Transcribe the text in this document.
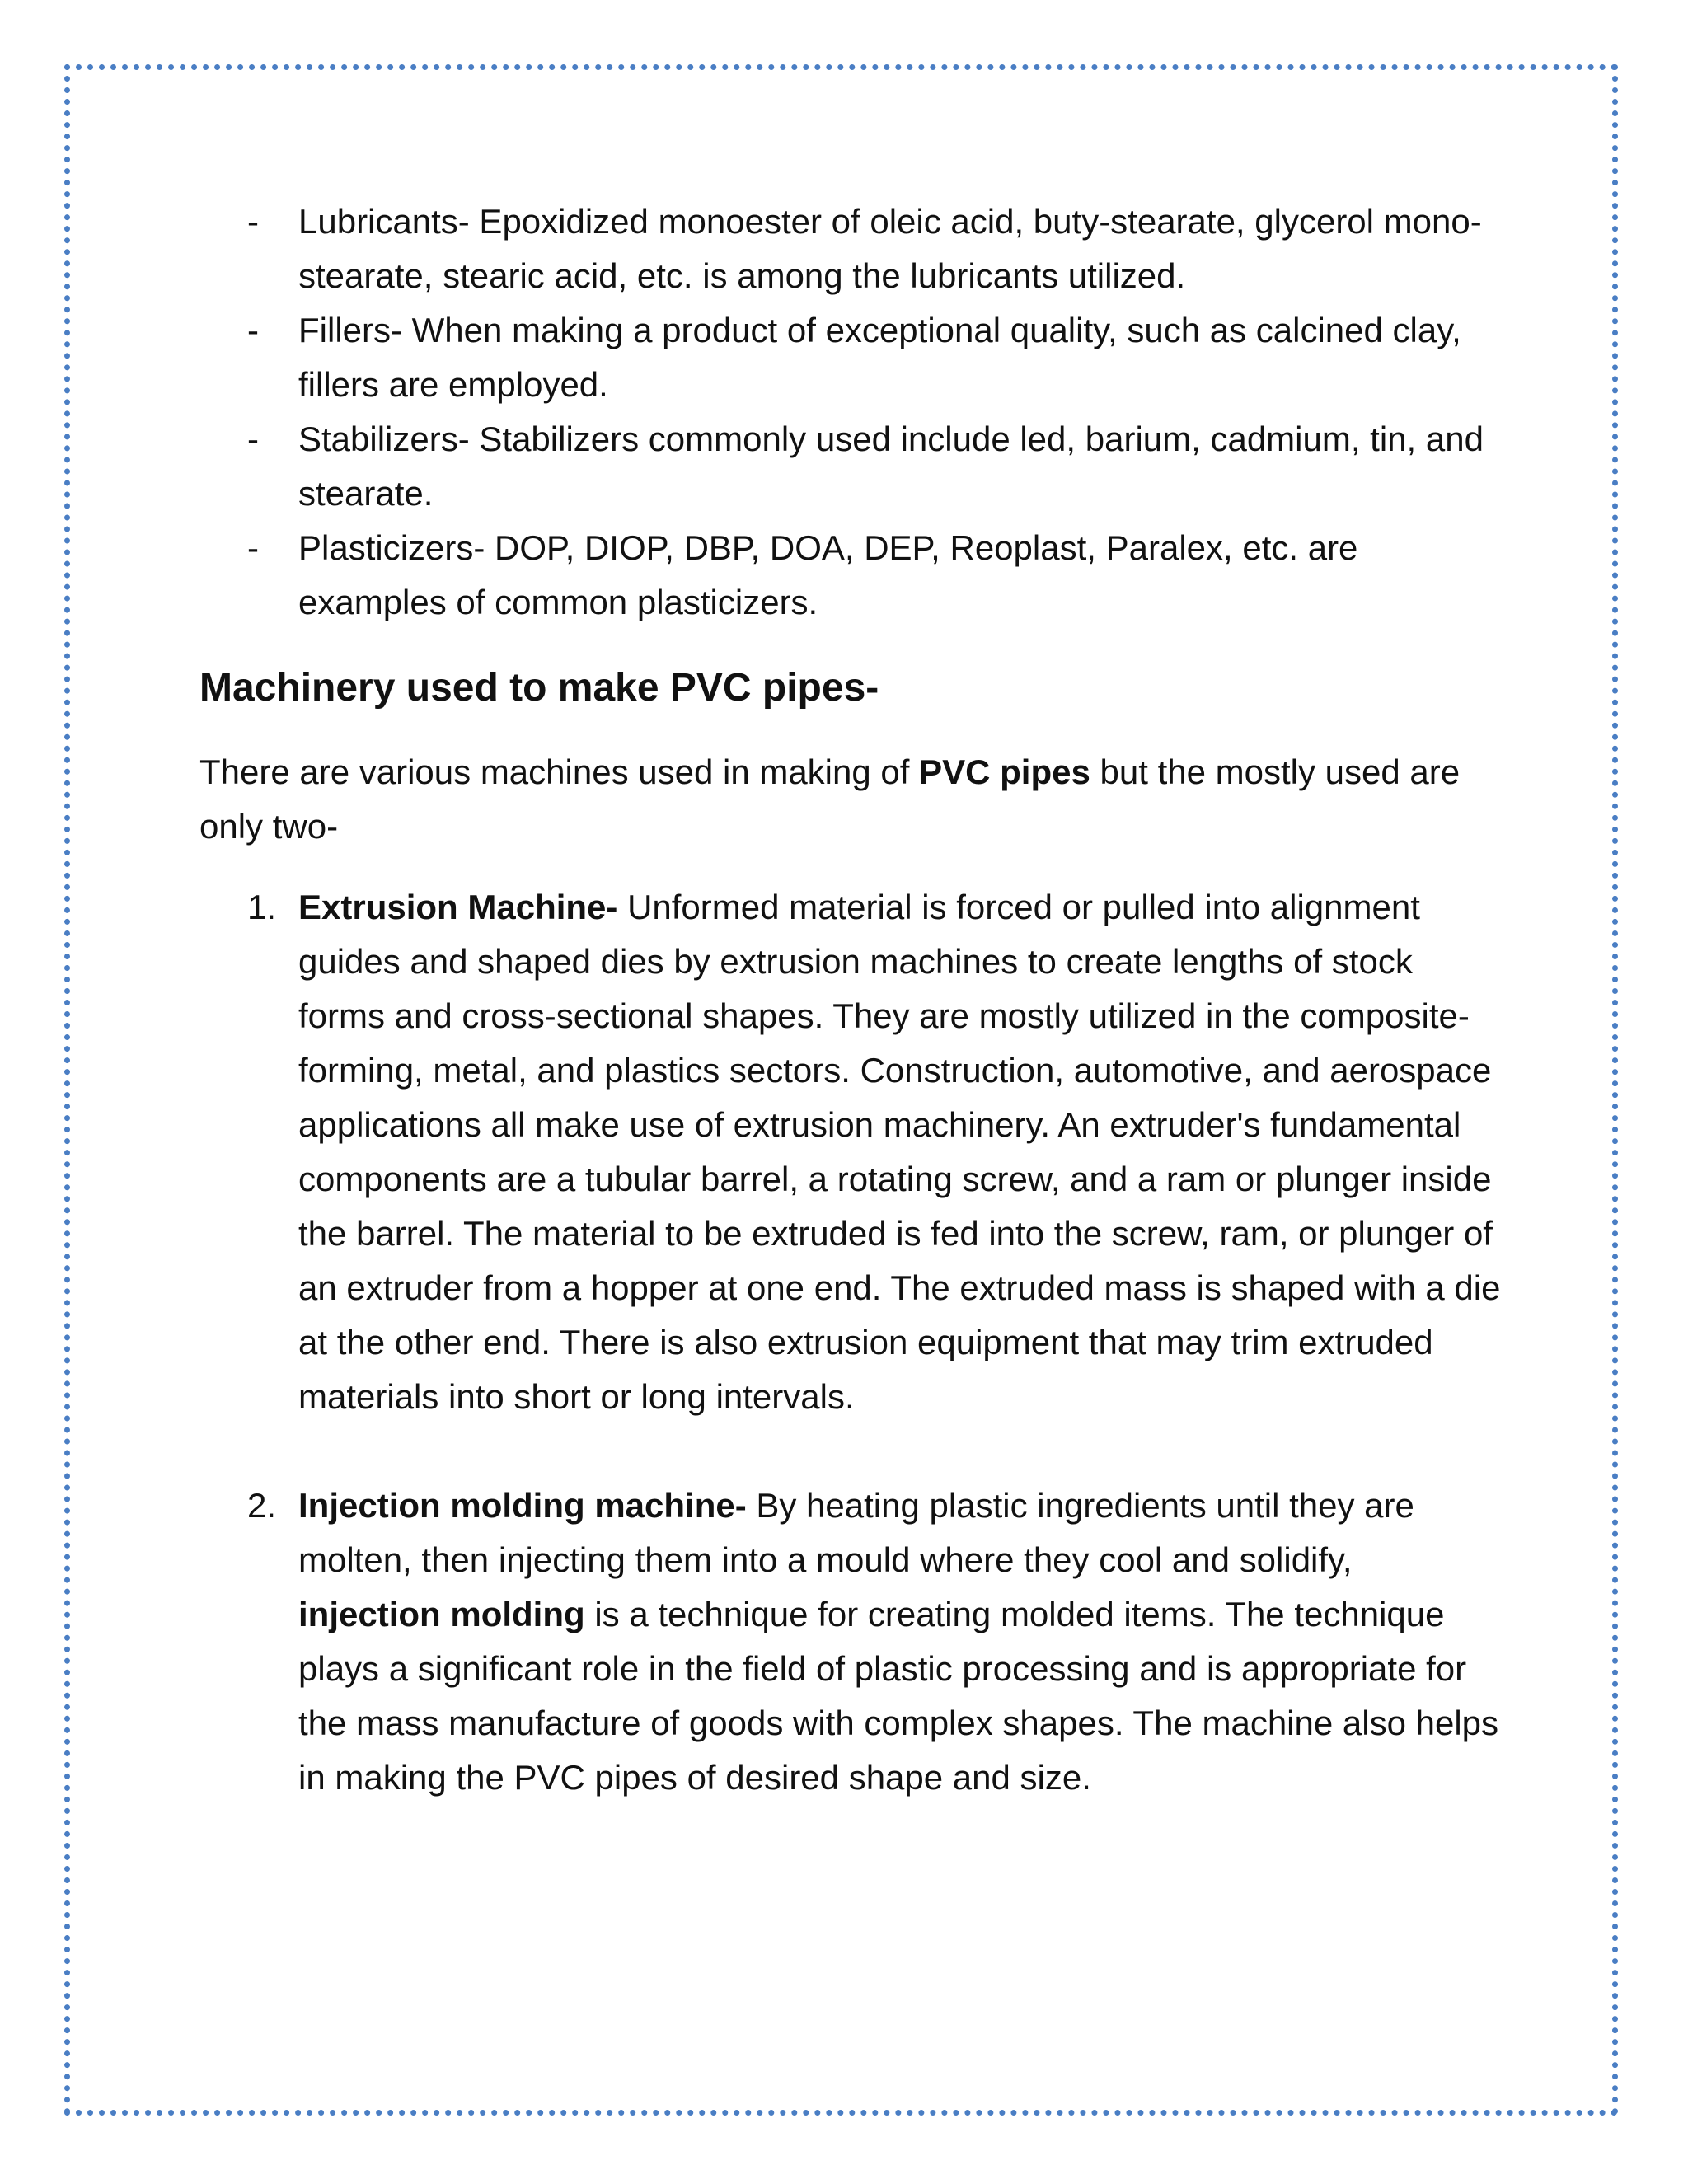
- Lubricants- Epoxidized monoester of oleic acid, buty-stearate, glycerol mono-stearate, stearic acid, etc. is among the lubricants utilized.
- Fillers- When making a product of exceptional quality, such as calcined clay, fillers are employed.
- Stabilizers- Stabilizers commonly used include led, barium, cadmium, tin, and stearate.
- Plasticizers- DOP, DIOP, DBP, DOA, DEP, Reoplast, Paralex, etc. are examples of common plasticizers.
Machinery used to make PVC pipes-

There are various machines used in making of PVC pipes but the mostly used are only two-

1. Extrusion Machine- Unformed material is forced or pulled into alignment guides and shaped dies by extrusion machines to create lengths of stock forms and cross-sectional shapes. They are mostly utilized in the composite-forming, metal, and plastics sectors. Construction, automotive, and aerospace applications all make use of extrusion machinery. An extruder's fundamental components are a tubular barrel, a rotating screw, and a ram or plunger inside the barrel. The material to be extruded is fed into the screw, ram, or plunger of an extruder from a hopper at one end. The extruded mass is shaped with a die at the other end. There is also extrusion equipment that may trim extruded materials into short or long intervals.
2. Injection molding machine- By heating plastic ingredients until they are molten, then injecting them into a mould where they cool and solidify, injection molding is a technique for creating molded items. The technique plays a significant role in the field of plastic processing and is appropriate for the mass manufacture of goods with complex shapes. The machine also helps in making the PVC pipes of desired shape and size.
